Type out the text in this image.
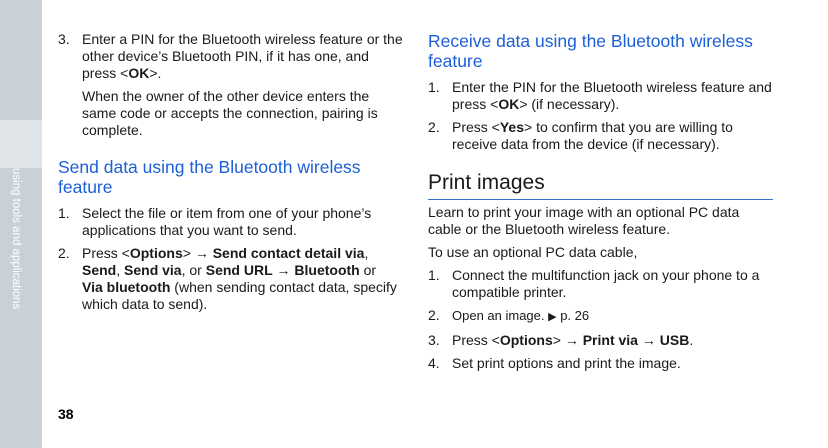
using tools and applications
38
3. Enter a PIN for the Bluetooth wireless feature or the other device’s Bluetooth PIN, if it has one, and press <OK>.
When the owner of the other device enters the same code or accepts the connection, pairing is complete.
Send data using the Bluetooth wireless feature
1. Select the file or item from one of your phone’s applications that you want to send.
2. Press <Options> → Send contact detail via,
Send, Send via, or Send URL → Bluetooth or
Via bluetooth (when sending contact data, specify which data to send).
Receive data using the Bluetooth wireless feature
1. Enter the PIN for the Bluetooth wireless feature and press <OK> (if necessary).
2. Press <Yes> to confirm that you are willing to receive data from the device (if necessary).
Print images
Learn to print your image with an optional PC data cable or the Bluetooth wireless feature.
To use an optional PC data cable,
1. Connect the multifunction jack on your phone to a compatible printer.
2. Open an image. ▶ p. 26
3. Press <Options> → Print via → USB.
4. Set print options and print the image.
